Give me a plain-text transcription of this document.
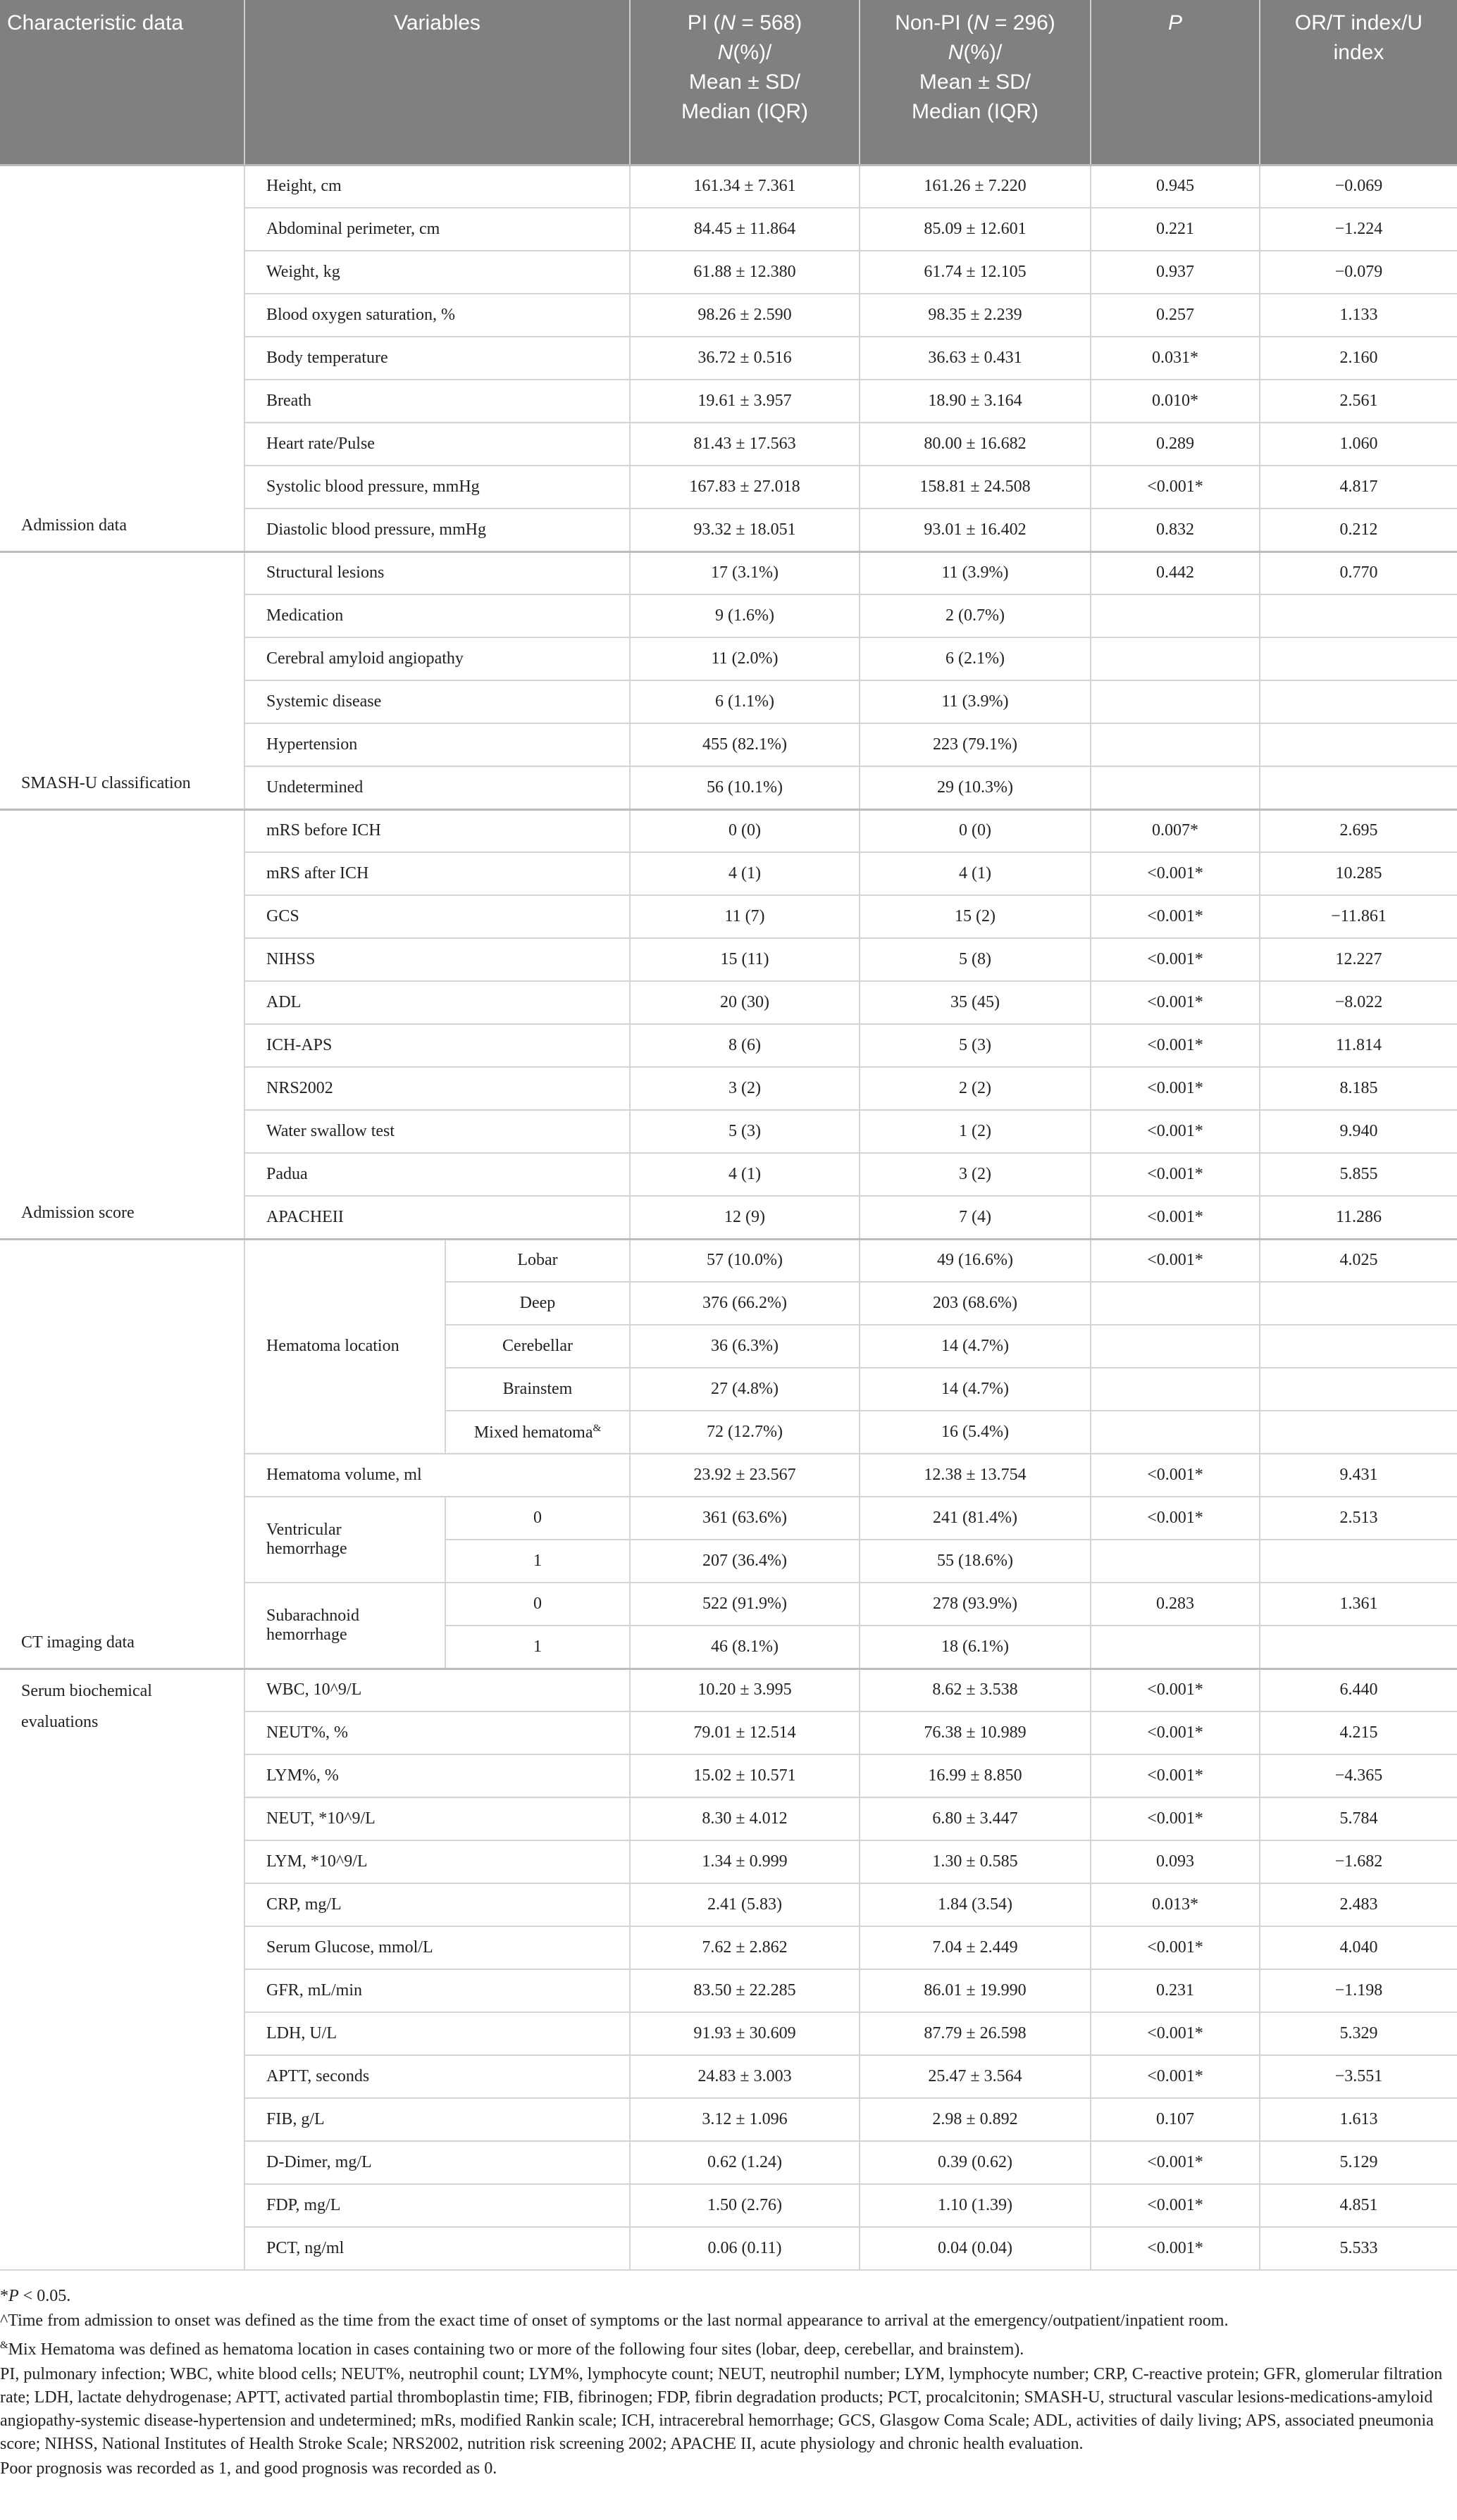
Characteristic data	Variables		PI (N = 568)
N(%)/
Mean ± SD/
Median (IQR)	Non-PI (N = 296)
N(%)/
Mean ± SD/
Median (IQR)	P	OR/T index/U index
Admission data	Height, cm		161.34 ± 7.361	161.26 ± 7.220	0.945	−0.069
	Abdominal perimeter, cm		84.45 ± 11.864	85.09 ± 12.601	0.221	−1.224
	Weight, kg		61.88 ± 12.380	61.74 ± 12.105	0.937	−0.079
	Blood oxygen saturation, %		98.26 ± 2.590	98.35 ± 2.239	0.257	1.133
	Body temperature		36.72 ± 0.516	36.63 ± 0.431	0.031*	2.160
	Breath		19.61 ± 3.957	18.90 ± 3.164	0.010*	2.561
	Heart rate/Pulse		81.43 ± 17.563	80.00 ± 16.682	0.289	1.060
	Systolic blood pressure, mmHg		167.83 ± 27.018	158.81 ± 24.508	<0.001*	4.817
	Diastolic blood pressure, mmHg		93.32 ± 18.051	93.01 ± 16.402	0.832	0.212
SMASH-U classification	Structural lesions		17 (3.1%)	11 (3.9%)	0.442	0.770
	Medication		9 (1.6%)	2 (0.7%)		
	Cerebral amyloid angiopathy		11 (2.0%)	6 (2.1%)		
	Systemic disease		6 (1.1%)	11 (3.9%)		
	Hypertension		455 (82.1%)	223 (79.1%)		
	Undetermined		56 (10.1%)	29 (10.3%)		
Admission score	mRS before ICH		0 (0)	0 (0)	0.007*	2.695
	mRS after ICH		4 (1)	4 (1)	<0.001*	10.285
	GCS		11 (7)	15 (2)	<0.001*	−11.861
	NIHSS		15 (11)	5 (8)	<0.001*	12.227
	ADL		20 (30)	35 (45)	<0.001*	−8.022
	ICH-APS		8 (6)	5 (3)	<0.001*	11.814
	NRS2002		3 (2)	2 (2)	<0.001*	8.185
	Water swallow test		5 (3)	1 (2)	<0.001*	9.940
	Padua		4 (1)	3 (2)	<0.001*	5.855
	APACHEII		12 (9)	7 (4)	<0.001*	11.286
CT imaging data	Hematoma location	Lobar	57 (10.0%)	49 (16.6%)	<0.001*	4.025
		Deep	376 (66.2%)	203 (68.6%)		
		Cerebellar	36 (6.3%)	14 (4.7%)		
		Brainstem	27 (4.8%)	14 (4.7%)		
		Mixed hematoma&	72 (12.7%)	16 (5.4%)		
	Hematoma volume, ml		23.92 ± 23.567	12.38 ± 13.754	<0.001*	9.431
	Ventricular hemorrhage	0	361 (63.6%)	241 (81.4%)	<0.001*	2.513
		1	207 (36.4%)	55 (18.6%)		
	Subarachnoid hemorrhage	0	522 (91.9%)	278 (93.9%)	0.283	1.361
		1	46 (8.1%)	18 (6.1%)		
Serum biochemical evaluations	WBC, 10^9/L		10.20 ± 3.995	8.62 ± 3.538	<0.001*	6.440
	NEUT%, %		79.01 ± 12.514	76.38 ± 10.989	<0.001*	4.215
	LYM%, %		15.02 ± 10.571	16.99 ± 8.850	<0.001*	−4.365
	NEUT, *10^9/L		8.30 ± 4.012	6.80 ± 3.447	<0.001*	5.784
	LYM, *10^9/L		1.34 ± 0.999	1.30 ± 0.585	0.093	−1.682
	CRP, mg/L		2.41 (5.83)	1.84 (3.54)	0.013*	2.483
	Serum Glucose, mmol/L		7.62 ± 2.862	7.04 ± 2.449	<0.001*	4.040
	GFR, mL/min		83.50 ± 22.285	86.01 ± 19.990	0.231	−1.198
	LDH, U/L		91.93 ± 30.609	87.79 ± 26.598	<0.001*	5.329
	APTT, seconds		24.83 ± 3.003	25.47 ± 3.564	<0.001*	−3.551
	FIB, g/L		3.12 ± 1.096	2.98 ± 0.892	0.107	1.613
	D-Dimer, mg/L		0.62 (1.24)	0.39 (0.62)	<0.001*	5.129
	FDP, mg/L		1.50 (2.76)	1.10 (1.39)	<0.001*	4.851
	PCT, ng/ml		0.06 (0.11)	0.04 (0.04)	<0.001*	5.533
*P < 0.05.
^Time from admission to onset was defined as the time from the exact time of onset of symptoms or the last normal appearance to arrival at the emergency/outpatient/inpatient room.
&Mix Hematoma was defined as hematoma location in cases containing two or more of the following four sites (lobar, deep, cerebellar, and brainstem).
PI, pulmonary infection; WBC, white blood cells; NEUT%, neutrophil count; LYM%, lymphocyte count; NEUT, neutrophil number; LYM, lymphocyte number; CRP, C-reactive protein; GFR, glomerular filtration rate; LDH, lactate dehydrogenase; APTT, activated partial thromboplastin time; FIB, fibrinogen; FDP, fibrin degradation products; PCT, procalcitonin; SMASH-U, structural vascular lesions-medications-amyloid angiopathy-systemic disease-hypertension and undetermined; mRs, modified Rankin scale; ICH, intracerebral hemorrhage; GCS, Glasgow Coma Scale; ADL, activities of daily living; APS, associated pneumonia score; NIHSS, National Institutes of Health Stroke Scale; NRS2002, nutrition risk screening 2002; APACHE II, acute physiology and chronic health evaluation.
Poor prognosis was recorded as 1, and good prognosis was recorded as 0.
